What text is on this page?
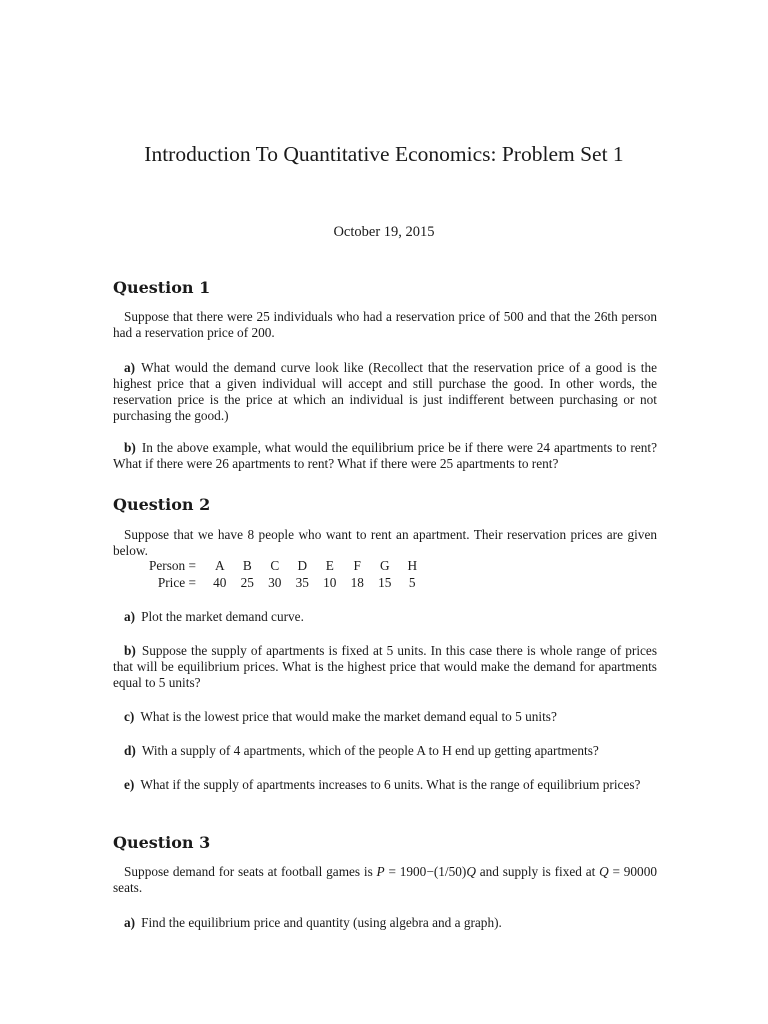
Introduction To Quantitative Economics: Problem Set 1
October 19, 2015
Question 1

Suppose that there were 25 individuals who had a reservation price of 500 and that the 26th person had a reservation price of 200.

a) What would the demand curve look like (Recollect that the reservation price of a good is the highest price that a given individual will accept and still purchase the good. In other words, the reservation price is the price at which an individual is just indifferent between purchasing or not purchasing the good.)

b) In the above example, what would the equilibrium price be if there were 24 apartments to rent?What if there were 26 apartments to rent? What if there were 25 apartments to rent?

Question 2

Suppose that we have 8 people who want to rent an apartment. Their reservation prices are given below.

Person =	A	B	C	D	E	F	G	H
Price =	40	25	30	35	10	18	15	5

a) Plot the market demand curve.

b) Suppose the supply of apartments is fixed at 5 units. In this case there is whole range of prices that will be equilibrium prices. What is the highest price that would make the demand for apartments equal to 5 units?

c) What is the lowest price that would make the market demand equal to 5 units?

d) With a supply of 4 apartments, which of the people A to H end up getting apartments?

e) What if the supply of apartments increases to 6 units. What is the range of equilibrium prices?

Question 3

Suppose demand for seats at football games is P = 1900−(1/50)Q and supply is fixed at Q = 90000 seats.

a) Find the equilibrium price and quantity (using algebra and a graph).
